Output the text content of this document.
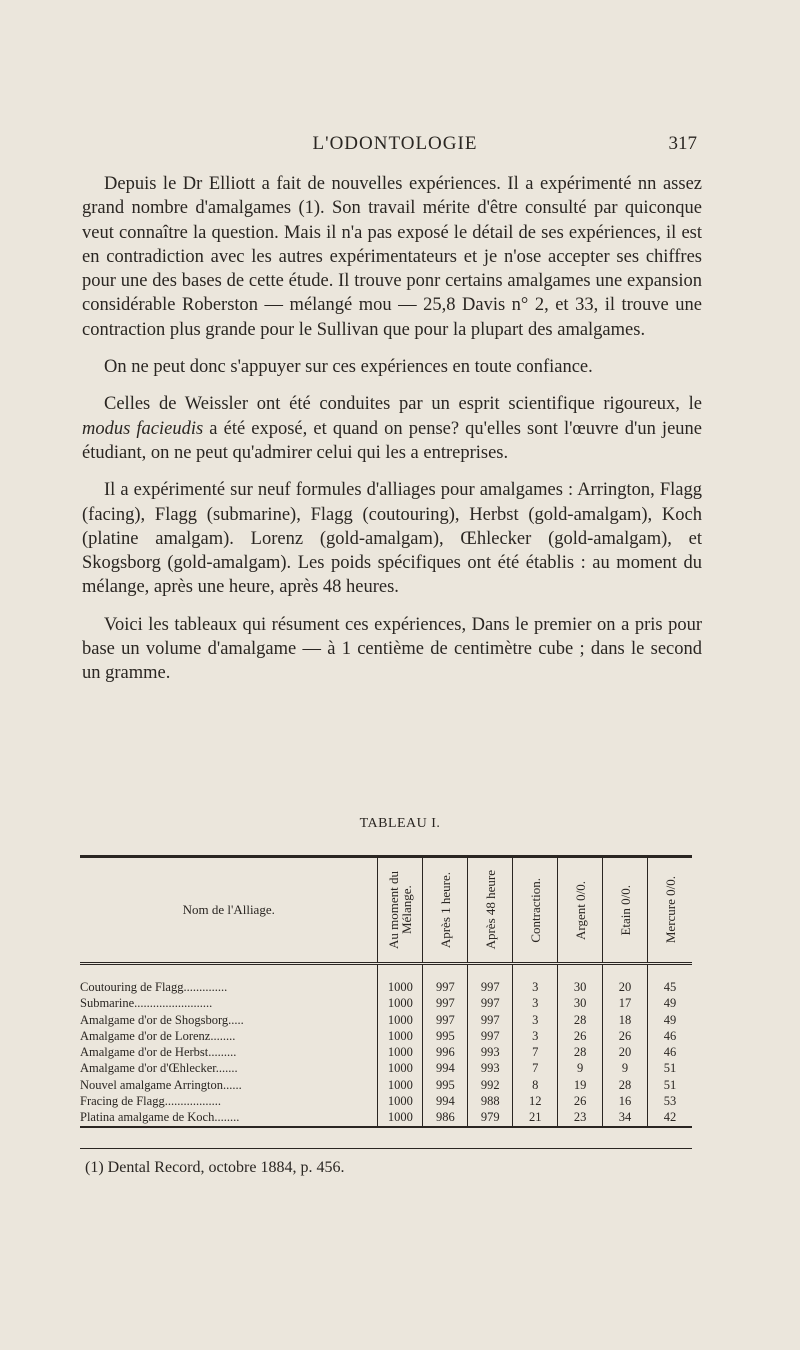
L'ODONTOLOGIE	317

Depuis le Dr Elliott a fait de nouvelles expériences. Il a expérimenté nn assez grand nombre d'amalgames (1). Son travail mérite d'être consulté par quiconque veut connaître la question. Mais il n'a pas exposé le détail de ses expériences, il est en contradiction avec les autres expérimentateurs et je n'ose accepter ses chiffres pour une des bases de cette étude. Il trouve ponr certains amalgames une expansion considérable Roberston — mélangé mou — 25,8 Davis n° 2, et 33, il trouve une contraction plus grande pour le Sullivan que pour la plupart des amalgames.

On ne peut donc s'appuyer sur ces expériences en toute confiance.

Celles de Weissler ont été conduites par un esprit scientifique rigoureux, le modus facieudis a été exposé, et quand on pense? qu'elles sont l'œuvre d'un jeune étudiant, on ne peut qu'admirer celui qui les a entreprises.

Il a expérimenté sur neuf formules d'alliages pour amalgames : Arrington, Flagg (facing), Flagg (submarine), Flagg (coutouring), Herbst (gold-amalgam), Koch (platine amalgam). Lorenz (gold-amalgam), Œhlecker (gold-amalgam), et Skogsborg (gold-amalgam). Les poids spécifiques ont été établis : au moment du mélange, après une heure, après 48 heures.

Voici les tableaux qui résument ces expériences, Dans le premier on a pris pour base un volume d'amalgame — à 1 centième de centimètre cube ; dans le second un gramme.

TABLEAU I.
Nom de l'Alliage.	Au moment du Mélange.	Après 1 heure.	Après 48 heure	Contraction.	Argent 0/0.	Etain 0/0.	Mercure 0/0.

Coutouring de Flagg..............	1000	997	997	3	30	20	45
Submarine.........................	1000	997	997	3	30	17	49
Amalgame d'or de Shogsborg.....	1000	997	997	3	28	18	49
Amalgame d'or de Lorenz........	1000	995	997	3	26	26	46
Amalgame d'or de Herbst.........	1000	996	993	7	28	20	46
Amalgame d'or d'Œhlecker.......	1000	994	993	7	9	9	51
Nouvel amalgame Arrington......	1000	995	992	8	19	28	51
Fracing de Flagg..................	1000	994	988	12	26	16	53
Platina amalgame de Koch........	1000	986	979	21	23	34	42
(1) Dental Record, octobre 1884, p. 456.
